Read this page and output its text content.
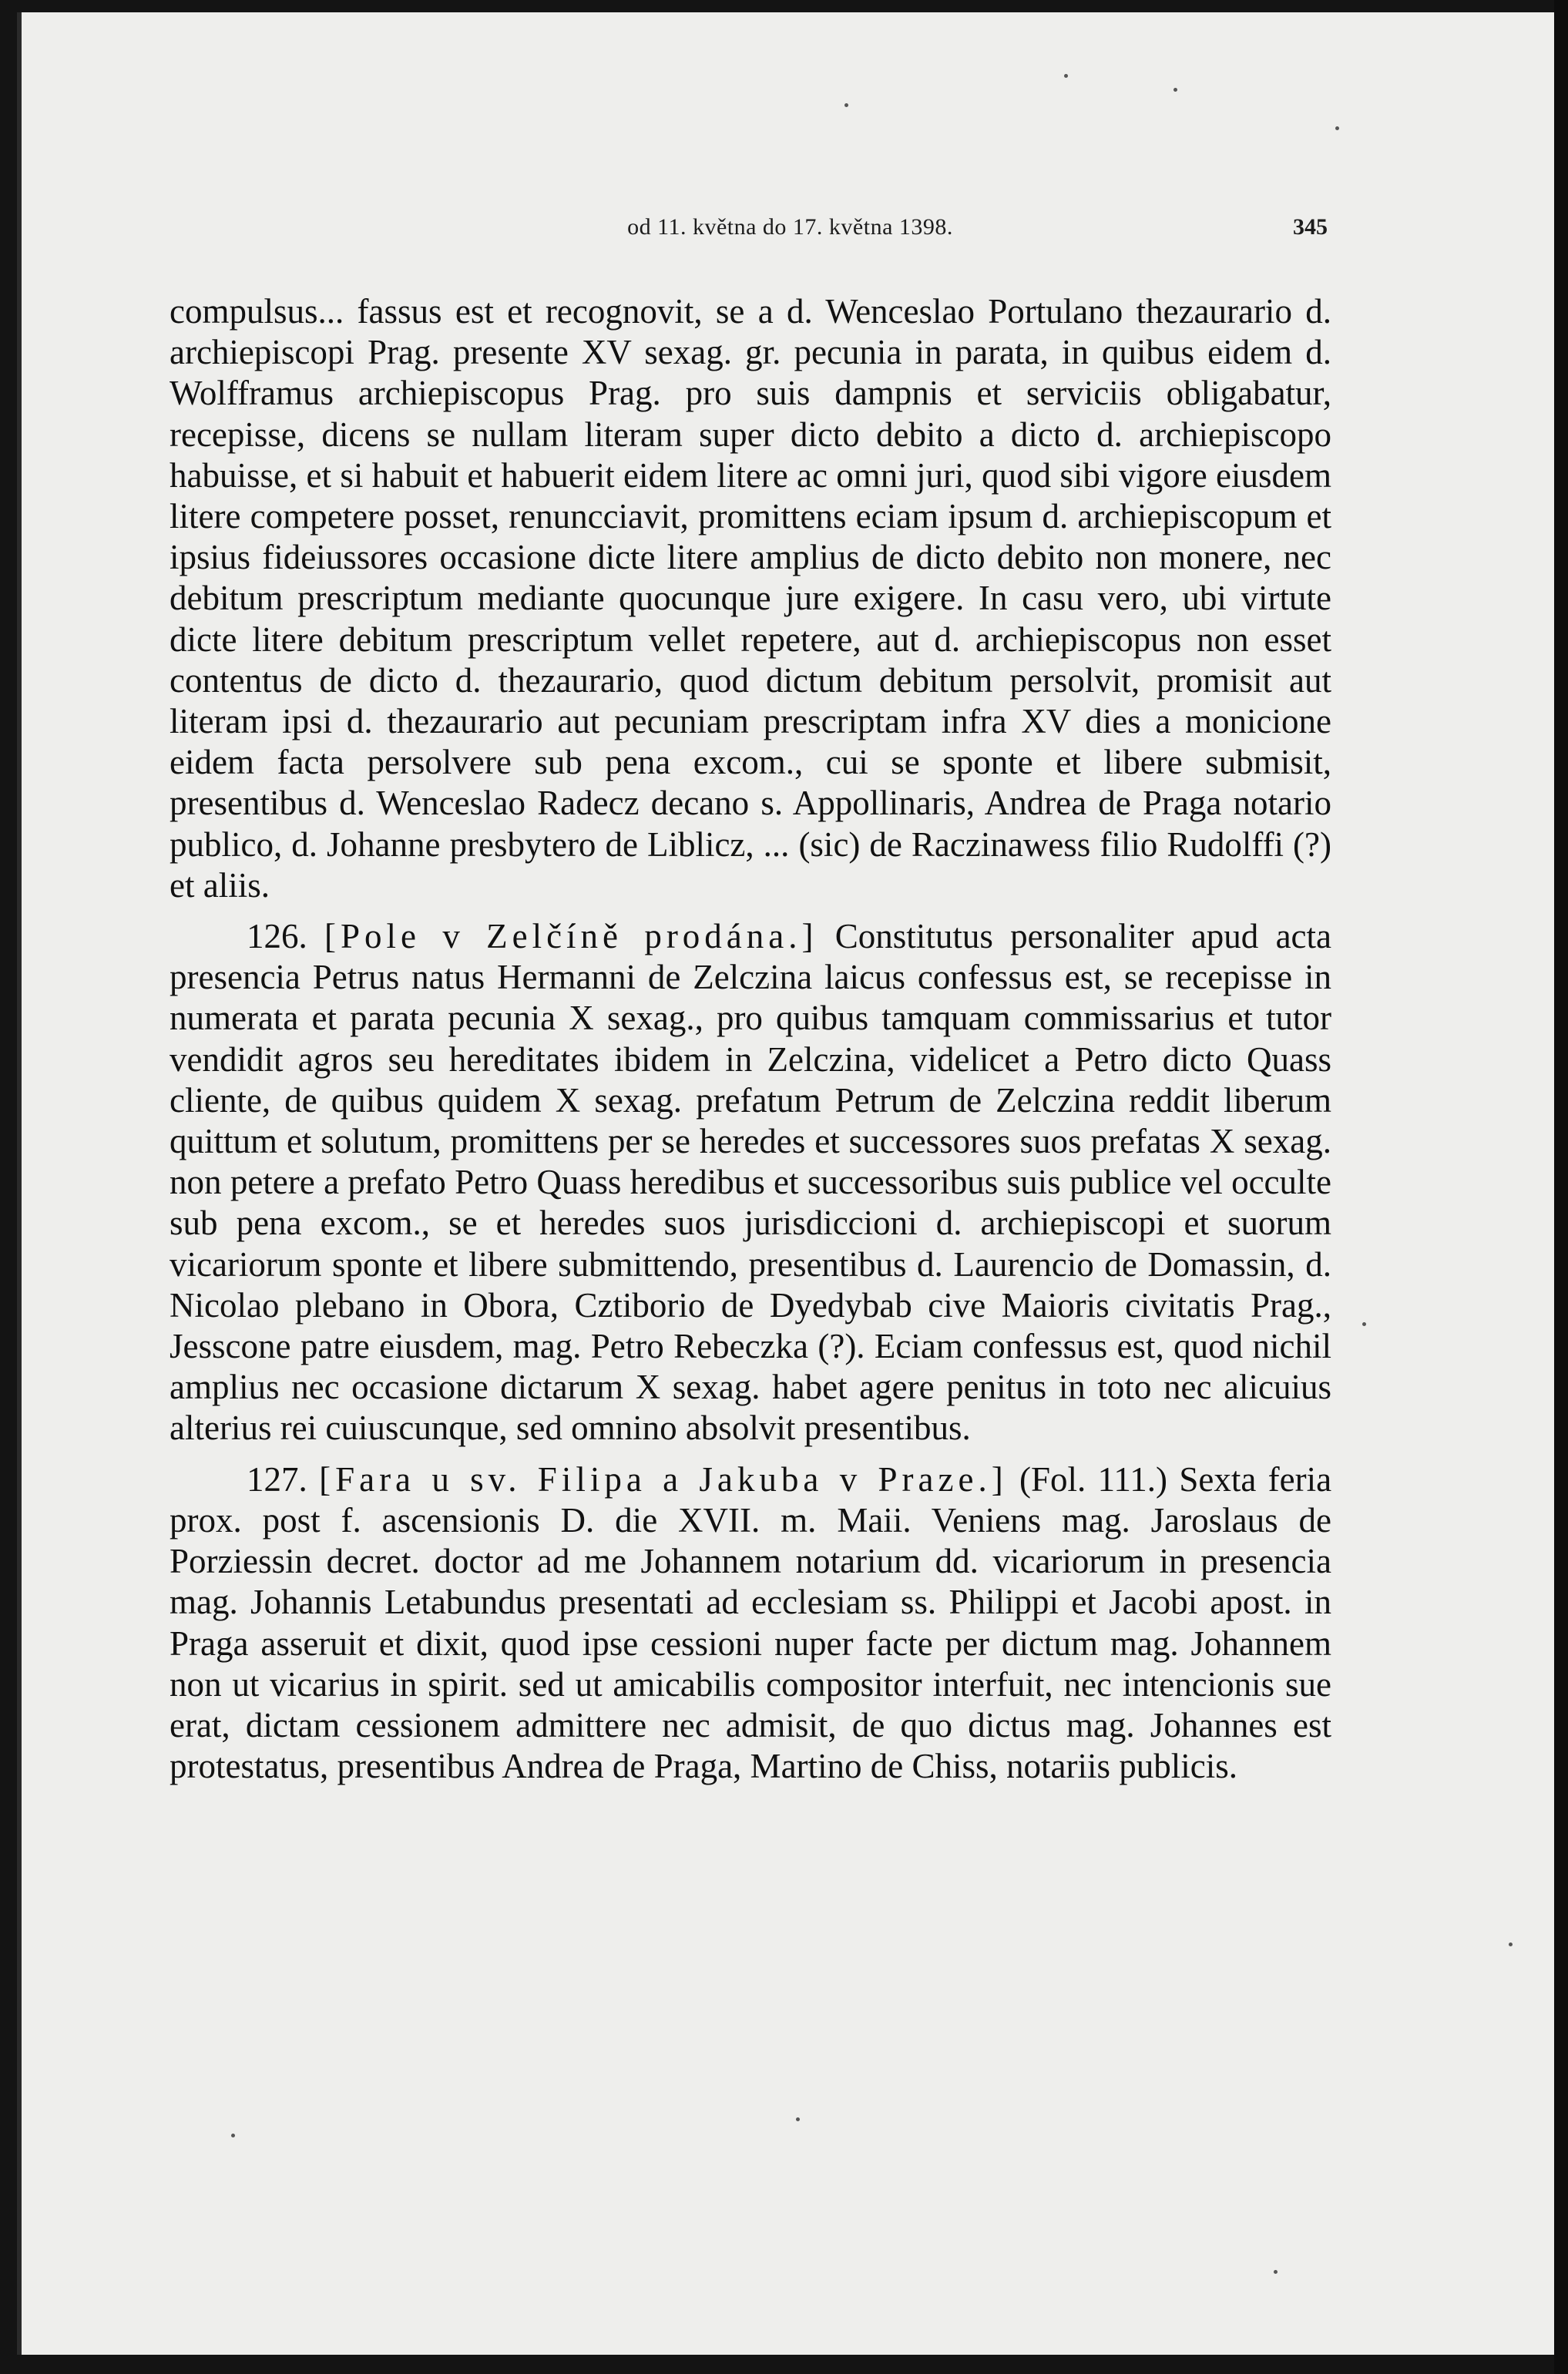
od 11. května do 17. května 1398.	345

compulsus... fassus est et recognovit, se a d. Wenceslao Portulano thezaurario d. archiepiscopi Prag. presente XV sexag. gr. pecunia in parata, in quibus eidem d. Wolfframus archiepiscopus Prag. pro suis dampnis et serviciis obligabatur, recepisse, dicens se nullam literam super dicto debito a dicto d. archiepiscopo habuisse, et si habuit et habuerit eidem litere ac omni juri, quod sibi vigore eiusdem litere competere posset, renuncciavit, promittens eciam ipsum d. archiepiscopum et ipsius fideiussores occasione dicte litere amplius de dicto debito non monere, nec debitum prescriptum mediante quocunque jure exigere. In casu vero, ubi virtute dicte litere debitum prescriptum vellet repetere, aut d. archiepiscopus non esset contentus de dicto d. thezaurario, quod dictum debitum persolvit, promisit aut literam ipsi d. thezaurario aut pecuniam prescriptam infra XV dies a monicione eidem facta persolvere sub pena excom., cui se sponte et libere submisit, presentibus d. Wenceslao Radecz decano s. Appollinaris, Andrea de Praga notario publico, d. Johanne presbytero de Liblicz, ... (sic) de Raczinawess filio Rudolffi (?) et aliis.

126. [Pole v Zelčíně prodána.] Constitutus personaliter apud acta presencia Petrus natus Hermanni de Zelczina laicus confessus est, se recepisse in numerata et parata pecunia X sexag., pro quibus tamquam commissarius et tutor vendidit agros seu hereditates ibidem in Zelczina, videlicet a Petro dicto Quass cliente, de quibus quidem X sexag. prefatum Petrum de Zelczina reddit liberum quittum et solutum, promittens per se heredes et successores suos prefatas X sexag. non petere a prefato Petro Quass heredibus et successoribus suis publice vel occulte sub pena excom., se et heredes suos jurisdiccioni d. archiepiscopi et suorum vicariorum sponte et libere submittendo, presentibus d. Laurencio de Domassin, d. Nicolao plebano in Obora, Cztiborio de Dyedybab cive Maioris civitatis Prag., Jesscone patre eiusdem, mag. Petro Rebeczka (?). Eciam confessus est, quod nichil amplius nec occasione dictarum X sexag. habet agere penitus in toto nec alicuius alterius rei cuiuscunque, sed omnino absolvit presentibus.

127. [Fara u sv. Filipa a Jakuba v Praze.] (Fol. 111.) Sexta feria prox. post f. ascensionis D. die XVII. m. Maii. Veniens mag. Jaroslaus de Porziessin decret. doctor ad me Johannem notarium dd. vicariorum in presencia mag. Johannis Letabundus presentati ad ecclesiam ss. Philippi et Jacobi apost. in Praga asseruit et dixit, quod ipse cessioni nuper facte per dictum mag. Johannem non ut vicarius in spirit. sed ut amicabilis compositor interfuit, nec intencionis sue erat, dictam cessionem admittere nec admisit, de quo dictus mag. Johannes est protestatus, presentibus Andrea de Praga, Martino de Chiss, notariis publicis.
